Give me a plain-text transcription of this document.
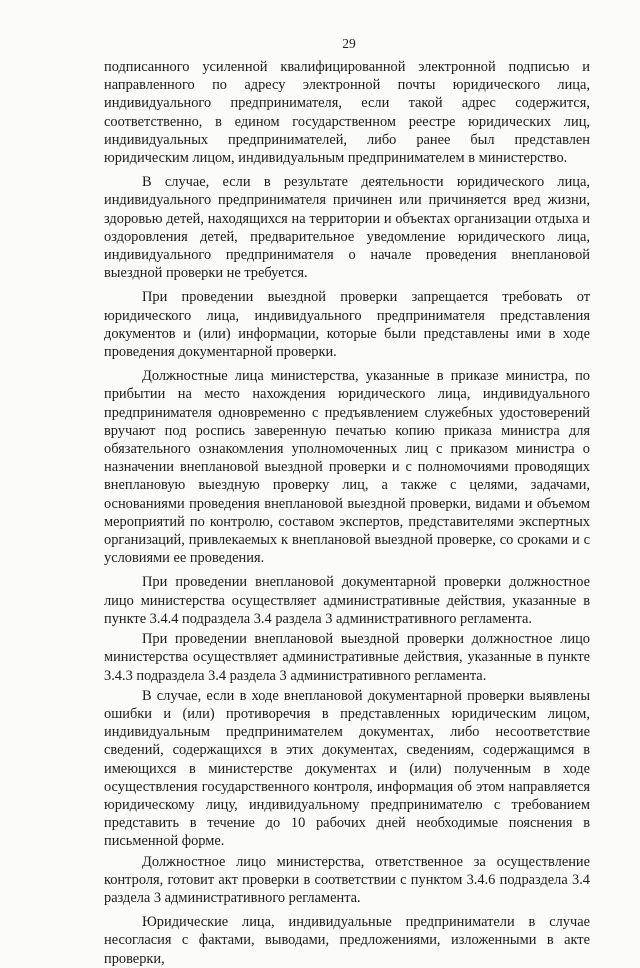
29

подписанного усиленной квалифицированной электронной подписью и направленного по адресу электронной почты юридического лица, индивидуального предпринимателя, если такой адрес содержится, соответственно, в едином государственном реестре юридических лиц, индивидуальных предпринимателей, либо ранее был представлен юридическим лицом, индивидуальным предпринимателем в министерство.

В случае, если в результате деятельности юридического лица, индивидуального предпринимателя причинен или причиняется вред жизни, здоровью детей, находящихся на территории и объектах организации отдыха и оздоровления детей, предварительное уведомление юридического лица, индивидуального предпринимателя о начале проведения внеплановой выездной проверки не требуется.

При проведении выездной проверки запрещается требовать от юридического лица, индивидуального предпринимателя представления документов и (или) информации, которые были представлены ими в ходе проведения документарной проверки.

Должностные лица министерства, указанные в приказе министра, по прибытии на место нахождения юридического лица, индивидуального предпринимателя одновременно с предъявлением служебных удостоверений вручают под роспись заверенную печатью копию приказа министра для обязательного ознакомления уполномоченных лиц с приказом министра о назначении внеплановой выездной проверки и с полномочиями проводящих внеплановую выездную проверку лиц, а также с целями, задачами, основаниями проведения внеплановой выездной проверки, видами и объемом мероприятий по контролю, составом экспертов, представителями экспертных организаций, привлекаемых к внеплановой выездной проверке, со сроками и с условиями ее проведения.

При проведении внеплановой документарной проверки должностное лицо министерства осуществляет административные действия, указанные в пункте 3.4.4 подраздела 3.4 раздела 3 административного регламента.

При проведении внеплановой выездной проверки должностное лицо министерства осуществляет административные действия, указанные в пункте 3.4.3 подраздела 3.4 раздела 3 административного регламента.

В случае, если в ходе внеплановой документарной проверки выявлены ошибки и (или) противоречия в представленных юридическим лицом, индивидуальным предпринимателем документах, либо несоответствие сведений, содержащихся в этих документах, сведениям, содержащимся в имеющихся в министерстве документах и (или) полученным в ходе осуществления государственного контроля, информация об этом направляется юридическому лицу, индивидуальному предпринимателю с требованием представить в течение до 10 рабочих дней необходимые пояснения в письменной форме.

Должностное лицо министерства, ответственное за осуществление контроля, готовит акт проверки в соответствии с пунктом 3.4.6 подраздела 3.4 раздела 3 административного регламента.

Юридические лица, индивидуальные предприниматели в случае несогласия с фактами, выводами, предложениями, изложенными в акте проверки,
